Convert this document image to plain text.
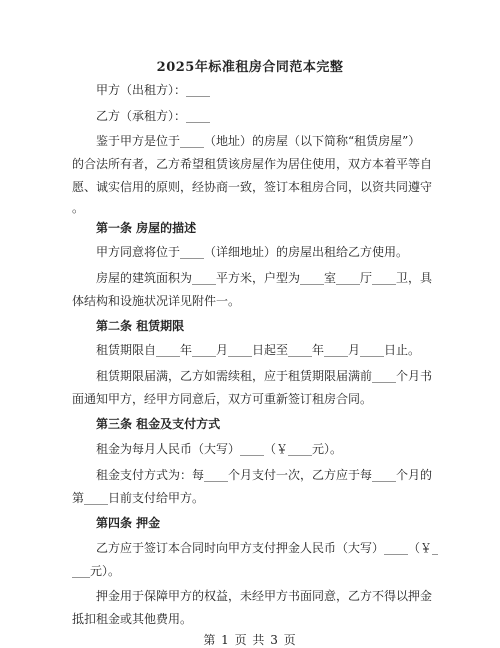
2025年标准租房合同范本完整
甲方（出租方）：____
乙方（承租方）：____
鉴于甲方是位于____（地址）的房屋（以下简称“租赁房屋”）
的合法所有者，乙方希望租赁该房屋作为居住使用，双方本着平等自
愿、诚实信用的原则，经协商一致，签订本租房合同，以资共同遵守
。
第一条 房屋的描述
甲方同意将位于____（详细地址）的房屋出租给乙方使用。
房屋的建筑面积为____平方米，户型为____室____厅____卫，具
体结构和设施状况详见附件一。
第二条 租赁期限
租赁期限自____年____月____日起至____年____月____日止。
租赁期限届满，乙方如需续租，应于租赁期限届满前____个月书
面通知甲方，经甲方同意后，双方可重新签订租房合同。
第三条 租金及支付方式
租金为每月人民币（大写）____（￥____元）。
租金支付方式为：每____个月支付一次，乙方应于每____个月的
第____日前支付给甲方。
第四条 押金
乙方应于签订本合同时向甲方支付押金人民币（大写）____（￥_
___元）。
押金用于保障甲方的权益，未经甲方书面同意，乙方不得以押金
抵扣租金或其他费用。
第 1 页 共 3 页
